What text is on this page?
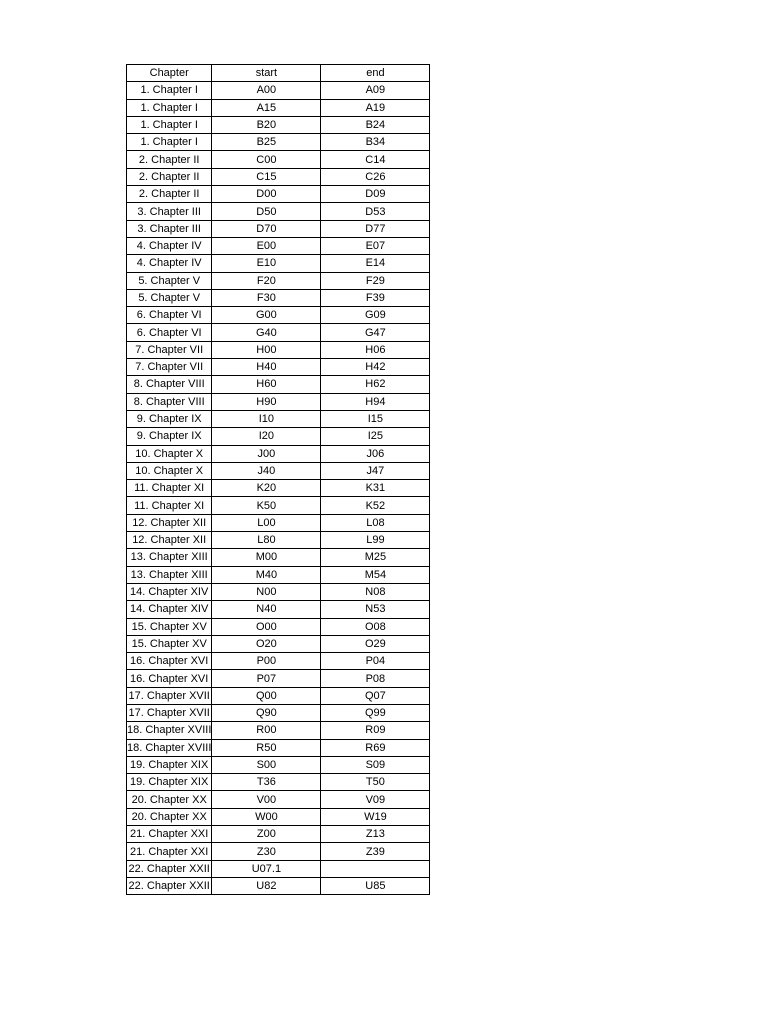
Chapter	start	end
1. Chapter I	A00	A09
1. Chapter I	A15	A19
1. Chapter I	B20	B24
1. Chapter I	B25	B34
2. Chapter II	C00	C14
2. Chapter II	C15	C26
2. Chapter II	D00	D09
3. Chapter III	D50	D53
3. Chapter III	D70	D77
4. Chapter IV	E00	E07
4. Chapter IV	E10	E14
5. Chapter V	F20	F29
5. Chapter V	F30	F39
6. Chapter VI	G00	G09
6. Chapter VI	G40	G47
7. Chapter VII	H00	H06
7. Chapter VII	H40	H42
8. Chapter VIII	H60	H62
8. Chapter VIII	H90	H94
9. Chapter IX	I10	I15
9. Chapter IX	I20	I25
10. Chapter X	J00	J06
10. Chapter X	J40	J47
11. Chapter XI	K20	K31
11. Chapter XI	K50	K52
12. Chapter XII	L00	L08
12. Chapter XII	L80	L99
13. Chapter XIII	M00	M25
13. Chapter XIII	M40	M54
14. Chapter XIV	N00	N08
14. Chapter XIV	N40	N53
15. Chapter XV	O00	O08
15. Chapter XV	O20	O29
16. Chapter XVI	P00	P04
16. Chapter XVI	P07	P08
17. Chapter XVII	Q00	Q07
17. Chapter XVII	Q90	Q99
18. Chapter XVIII	R00	R09
18. Chapter XVIII	R50	R69
19. Chapter XIX	S00	S09
19. Chapter XIX	T36	T50
20. Chapter XX	V00	V09
20. Chapter XX	W00	W19
21. Chapter XXI	Z00	Z13
21. Chapter XXI	Z30	Z39
22. Chapter XXII	U07.1	
22. Chapter XXII	U82	U85
